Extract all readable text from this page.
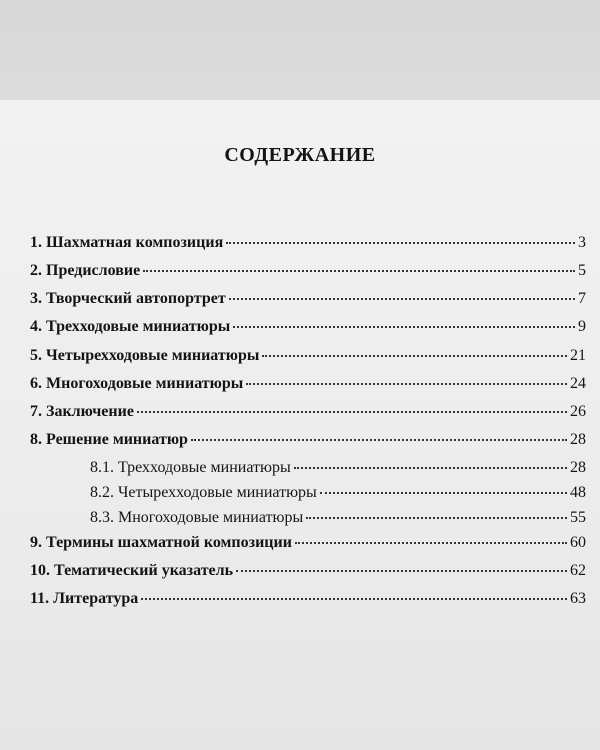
СОДЕРЖАНИЕ
1. Шахматная композиция	3
2. Предисловие	5
3. Творческий автопортрет	7
4. Трехходовые миниатюры	9
5. Четырехходовые миниатюры	21
6. Многоходовые миниатюры	24
7. Заключение	26
8. Решение миниатюр	28
8.1. Трехходовые миниатюры	28
8.2. Четырехходовые миниатюры	48
8.3. Многоходовые миниатюры	55
9. Термины шахматной композиции	60
10. Тематический указатель	62
11. Литература	63
